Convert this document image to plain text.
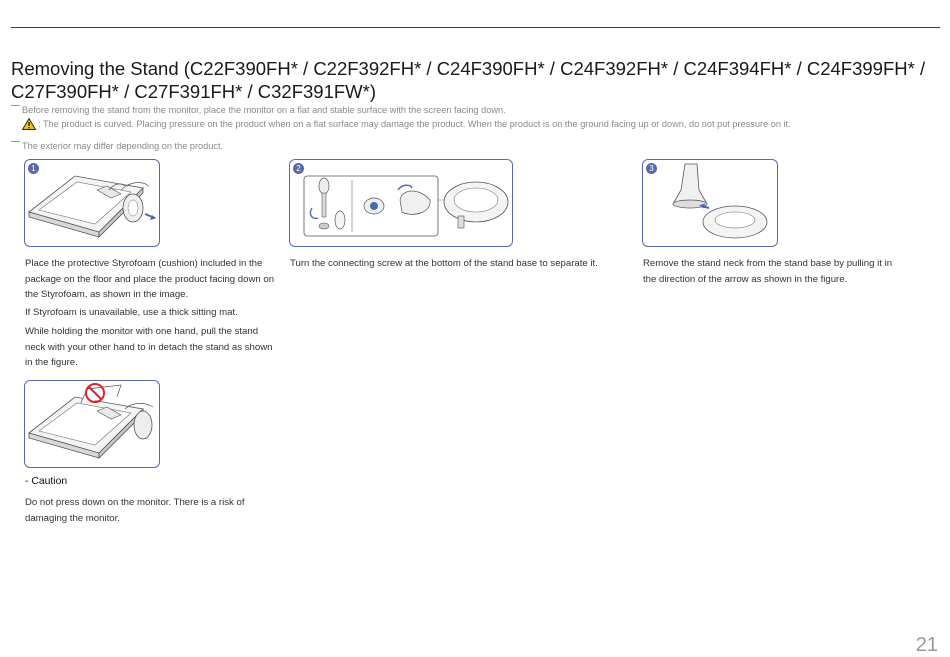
Removing the Stand (C22F390FH* / C22F392FH* / C24F390FH* / C24F392FH* / C24F394FH* / C24F399FH* / C27F390FH* / C27F391FH* / C32F391FW*)
Before removing the stand from the monitor, place the monitor on a flat and stable surface with the screen facing down.
: The product is curved. Placing pressure on the product when on a flat surface may damage the product. When the product is on the ground facing up or down, do not put pressure on it.
The exterior may differ depending on the product.
1	2	3
Place the protective Styrofoam (cushion) included in the package on the floor and place the product facing down on the Styrofoam, as shown in the image.
If Styrofoam is unavailable, use a thick sitting mat.
While holding the monitor with one hand, pull the stand neck with your other hand to in detach the stand as shown in the figure.
Turn the connecting screw at the bottom of the stand base to separate it.	Remove the stand neck from the stand base by pulling it in the direction of the arrow as shown in the figure.
- Caution
Do not press down on the monitor. There is a risk of damaging the monitor.
21
